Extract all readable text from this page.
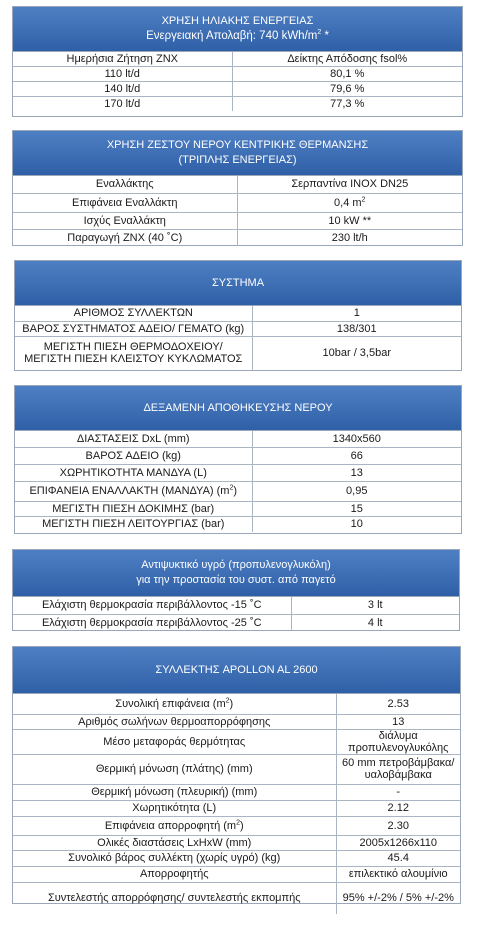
ΧΡΗΣΗ ΗΛΙΑΚΗΣ ΕΝΕΡΓΕΙΑΣ
Ενεργειακή Απολαβή: 740 kWh/$m^2$ *
Ημερήσια Ζήτηση ΖΝΧ	Δείκτης Απόδοσης fsol%
110 lt/d	80,1 %
140 lt/d	79,6 %
170 lt/d	77,3 %
ΧΡΗΣΗ ΖΕΣΤΟΥ ΝΕΡΟΥ ΚΕΝΤΡΙΚΗΣ ΘΕΡΜΑΝΣΗΣ
(ΤΡΙΠΛΗΣ ΕΝΕΡΓΕΙΑΣ)
Εναλλάκτης	Σερπαντίνα INOX DN25
Επιφάνεια Εναλλάκτη	0,4 $m^2$
Ισχύς Εναλλάκτη	10 kW **
Παραγωγή ΖΝΧ (40 ˚C)	230 lt/h
ΣΥΣΤΗΜΑ
ΑΡΙΘΜΟΣ ΣΥΛΛΕΚΤΩΝ	1
ΒΑΡΟΣ ΣΥΣΤΗΜΑΤΟΣ ΑΔΕΙΟ/ ΓΕΜΑΤΟ (kg)	138/301
ΜΕΓΙΣΤΗ ΠΙΕΣΗ ΘΕΡΜΟΔΟΧΕΙΟΥ/ ΜΕΓΙΣΤΗ ΠΙΕΣΗ ΚΛΕΙΣΤΟΥ ΚΥΚΛΩΜΑΤΟΣ	10bar / 3,5bar
ΔΕΞΑΜΕΝΗ ΑΠΟΘΗΚΕΥΣΗΣ ΝΕΡΟΥ
ΔΙΑΣΤΑΣΕΙΣ DxL (mm)	1340x560
ΒΑΡΟΣ ΑΔΕΙΟ (kg)	66
ΧΩΡΗΤΙΚΟΤΗΤΑ ΜΑΝΔΥΑ (L)	13
ΕΠΙΦΑΝΕΙΑ ΕΝΑΛΛΑΚΤΗ (ΜΑΝΔΥΑ) $(m^2)$	0,95
ΜΕΓΙΣΤΗ ΠΙΕΣΗ ΔΟΚΙΜΗΣ (bar)	15
ΜΕΓΙΣΤΗ ΠΙΕΣΗ ΛΕΙΤΟΥΡΓΙΑΣ (bar)	10
Αντιψυκτικό υγρό (προπυλενογλυκόλη)
για την προστασία του συστ. από παγετό
Ελάχιστη θερμοκρασία περιβάλλοντος -15 ˚C	3 lt
Ελάχιστη θερμοκρασία περιβάλλοντος -25 ˚C	4 lt
ΣΥΛΛΕΚΤΗΣ APOLLON AL 2600
Συνολική επιφάνεια $(m^2)$	2.53
Αριθμός σωλήνων θερμοαπορρόφησης	13
Μέσο μεταφοράς θερμότητας	διάλυμα προπυλενογλυκόλης
Θερμική μόνωση (πλάτης) (mm)	60 mm πετροβάμβακα/ υαλοβάμβακα
Θερμική μόνωση (πλευρική) (mm)	-
Χωρητικότητα (L)	2.12
Επιφάνεια απορροφητή $(m^2)$	2.30
Ολικές διαστάσεις LxHxW (mm)	2005x1266x110
Συνολικό βάρος συλλέκτη (χωρίς υγρό) (kg)	45.4
Απορροφητής	επιλεκτικό αλουμίνιο
Συντελεστής απορρόφησης/ συντελεστής εκπομπής	95% +/-2% / 5% +/-2%
